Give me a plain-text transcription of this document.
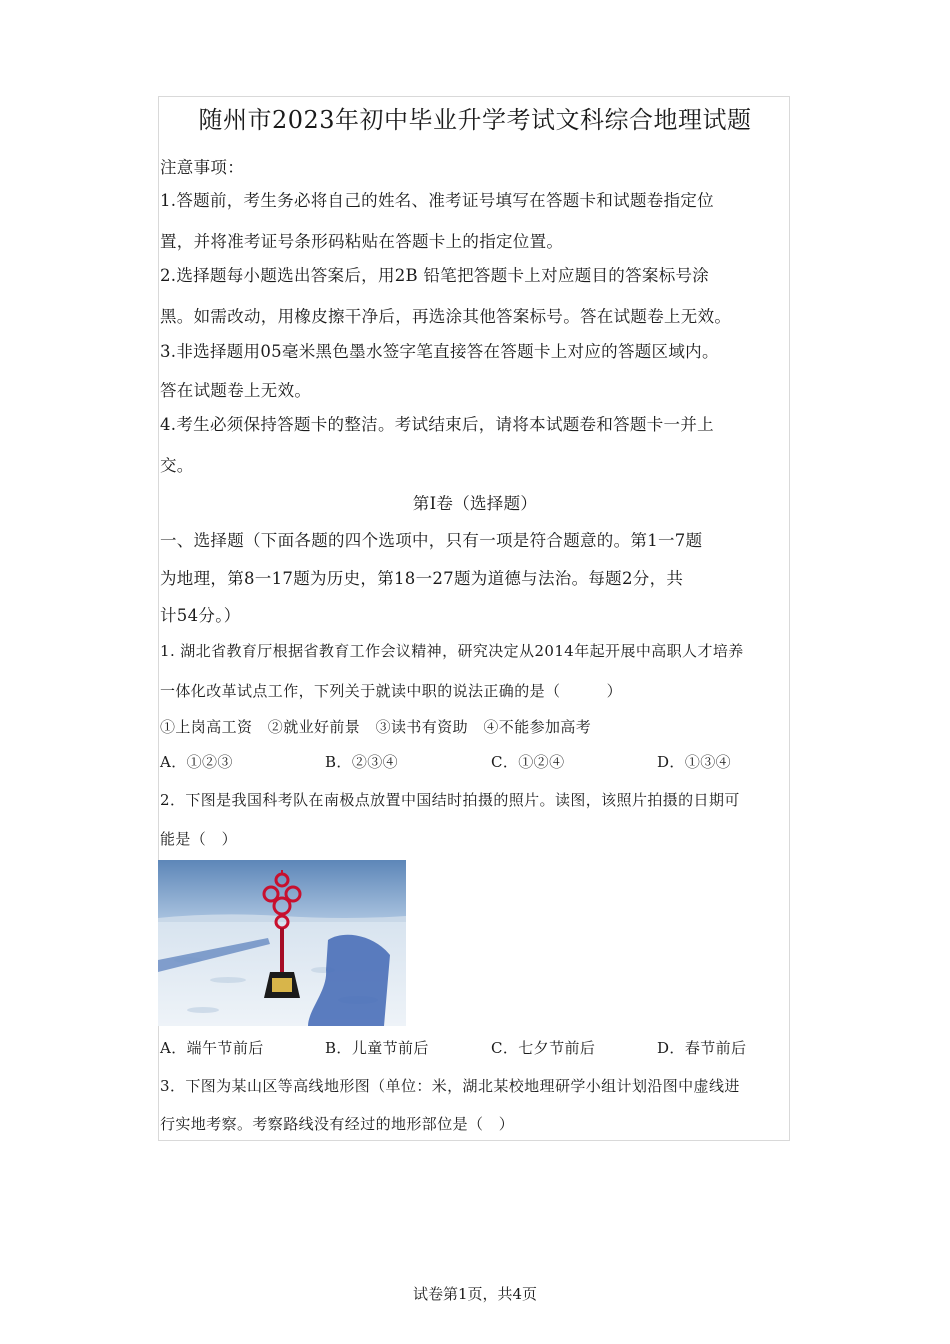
随州市2023年初中毕业升学考试文科综合地理试题
注意事项：
1.答题前，考生务必将自己的姓名、准考证号填写在答题卡和试题卷指定位
置，并将准考证号条形码粘贴在答题卡上的指定位置。
2.选择题每小题选出答案后，用2B 铅笔把答题卡上对应题目的答案标号涂
黑。如需改动，用橡皮擦干净后，再选涂其他答案标号。答在试题卷上无效。
3.非选择题用05毫米黑色墨水签字笔直接答在答题卡上对应的答题区域内。
答在试题卷上无效。
4.考生必须保持答题卡的整洁。考试结束后，请将本试题卷和答题卡一并上
交。
第I卷（选择题）
一、选择题（下面各题的四个选项中，只有一项是符合题意的。第1一7题
为地理，第8一17题为历史，第18一27题为道德与法治。每题2分，共
计54分。）
1. 湖北省教育厅根据省教育工作会议精神，研究决定从2014年起开展中高职人才培养
一体化改革试点工作，下列关于就读中职的说法正确的是（　　　）
①上岗高工资　②就业好前景　③读书有资助　④不能参加高考
A．①②③	B．②③④	C．①②④	D．①③④
2．下图是我国科考队在南极点放置中国结时拍摄的照片。读图，该照片拍摄的日期可
能是（　）
A．端午节前后	B．儿童节前后	C．七夕节前后	D．春节前后
3．下图为某山区等高线地形图（单位：米，湖北某校地理研学小组计划沿图中虚线进
行实地考察。考察路线没有经过的地形部位是（　）
试卷第1页，共4页
